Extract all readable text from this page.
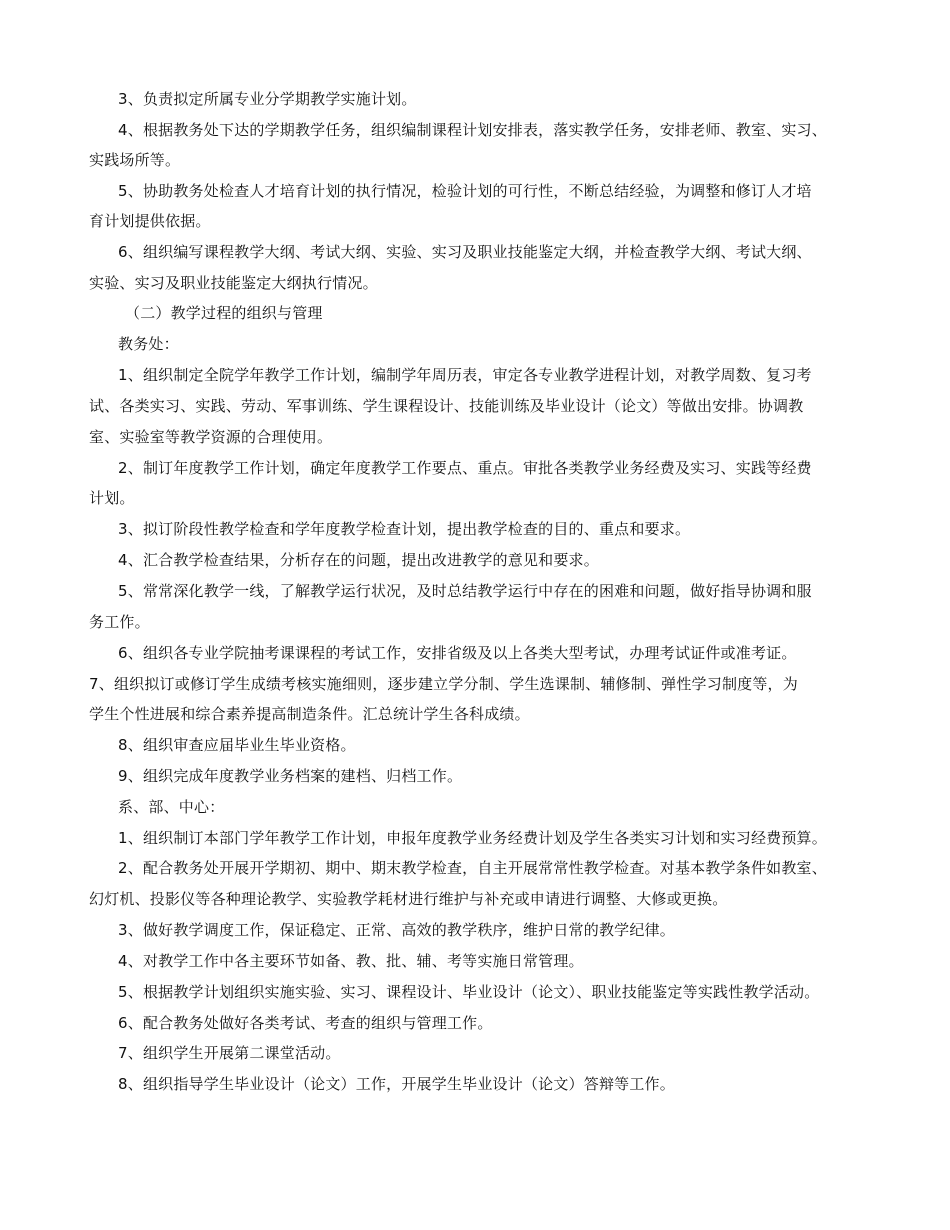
3、负责拟定所属专业分学期教学实施计划。
4、根据教务处下达的学期教学任务，组织编制课程计划安排表，落实教学任务，安排老师、教室、实习、
实践场所等。
5、协助教务处检查人才培育计划的执行情况，检验计划的可行性，不断总结经验，为调整和修订人才培
育计划提供依据。
6、组织编写课程教学大纲、考试大纲、实验、实习及职业技能鉴定大纲，并检查教学大纲、考试大纲、
实验、实习及职业技能鉴定大纲执行情况。
（二）教学过程的组织与管理
教务处：
1、组织制定全院学年教学工作计划，编制学年周历表，审定各专业教学进程计划，对教学周数、复习考
试、各类实习、实践、劳动、军事训练、学生课程设计、技能训练及毕业设计（论文）等做出安排。协调教
室、实验室等教学资源的合理使用。
2、制订年度教学工作计划，确定年度教学工作要点、重点。审批各类教学业务经费及实习、实践等经费
计划。
3、拟订阶段性教学检查和学年度教学检查计划，提出教学检查的目的、重点和要求。
4、汇合教学检查结果，分析存在的问题，提出改进教学的意见和要求。
5、常常深化教学一线，了解教学运行状况，及时总结教学运行中存在的困难和问题，做好指导协调和服
务工作。
6、组织各专业学院抽考课课程的考试工作，安排省级及以上各类大型考试，办理考试证件或准考证。
7、组织拟订或修订学生成绩考核实施细则，逐步建立学分制、学生选课制、辅修制、弹性学习制度等，为
学生个性进展和综合素养提高制造条件。汇总统计学生各科成绩。
8、组织审查应届毕业生毕业资格。
9、组织完成年度教学业务档案的建档、归档工作。
系、部、中心：
1、组织制订本部门学年教学工作计划，申报年度教学业务经费计划及学生各类实习计划和实习经费预算。
2、配合教务处开展开学期初、期中、期末教学检查，自主开展常常性教学检查。对基本教学条件如教室、
幻灯机、投影仪等各种理论教学、实验教学耗材进行维护与补充或申请进行调整、大修或更换。
3、做好教学调度工作，保证稳定、正常、高效的教学秩序，维护日常的教学纪律。
4、对教学工作中各主要环节如备、教、批、辅、考等实施日常管理。
5、根据教学计划组织实施实验、实习、课程设计、毕业设计（论文）、职业技能鉴定等实践性教学活动。
6、配合教务处做好各类考试、考查的组织与管理工作。
7、组织学生开展第二课堂活动。
8、组织指导学生毕业设计（论文）工作，开展学生毕业设计（论文）答辩等工作。
